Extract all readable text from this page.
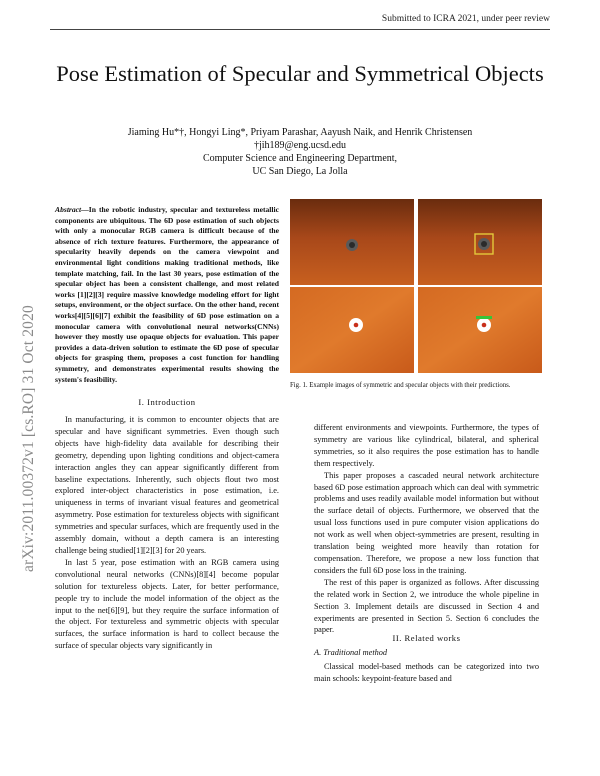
Submitted to ICRA 2021, under peer review
Pose Estimation of Specular and Symmetrical Objects
Jiaming Hu*†, Hongyi Ling*, Priyam Parashar, Aayush Naik, and Henrik Christensen
†jih189@eng.ucsd.edu
Computer Science and Engineering Department,
UC San Diego, La Jolla
arXiv:2011.00372v1 [cs.RO] 31 Oct 2020
Abstract—In the robotic industry, specular and textureless metallic components are ubiquitous. The 6D pose estimation of such objects with only a monocular RGB camera is difficult because of the absence of rich texture features. Furthermore, the appearance of specularity heavily depends on the camera viewpoint and environmental light conditions making traditional methods, like template matching, fail. In the last 30 years, pose estimation of the specular object has been a consistent challenge, and most related works [1][2][3] require massive knowledge modeling effort for light setups, environment, or the object surface. On the other hand, recent works[4][5][6][7] exhibit the feasibility of 6D pose estimation on a monocular camera with convolutional neural networks(CNNs) however they mostly use opaque objects for evaluation. This paper provides a data-driven solution to estimate the 6D pose of specular objects for grasping them, proposes a cost function for handling symmetry, and demonstrates experimental results showing the system's feasibility.
I. Introduction

In manufacturing, it is common to encounter objects that are specular and have significant symmetries. Even though such objects have high-fidelity data available for describing their geometry, depending upon lighting conditions and object-camera interaction angles they can appear significantly different from baseline expectations. Inherently, such objects flout two most explored inter-object characteristics in pose estimation, i.e. uniqueness in terms of invariant visual features and geometrical asymmetry. Pose estimation for textureless objects with significant symmetries and specular surfaces, which are frequently used in the assembly domain, without a depth camera is an interesting challenge being studied[1][2][3] for 20 years.

In last 5 year, pose estimation with an RGB camera using convolutional neural networks (CNNs)[8][4] become popular solution for textureless objects. Later, for better performance, people try to include the model information of the object as the input to the net[6][9], but they require the surface information of the object. For textureless and symmetric objects with specular surfaces, the surface information is hard to collect because the surface of specular objects vary significantly in

Fig. 1. Example images of symmetric and specular objects with their predictions.

different environments and viewpoints. Furthermore, the types of symmetry are various like cylindrical, bilateral, and spherical symmetries, so it also requires the pose estimation has to handle them respectively.

This paper proposes a cascaded neural network architecture based 6D pose estimation approach which can deal with symmetric problems and uses readily available model information but without the surface detail of objects. Furthermore, we observed that the usual loss functions used in pure computer vision applications do not work as well when object-symmetries are present, resulting in translation being weighted more heavily than rotation for compensation. Therefore, we propose a new loss function that considers the full 6D pose loss in the training.

The rest of this paper is organized as follows. After discussing the related work in Section 2, we introduce the whole pipeline in Section 3. Implement details are discussed in Section 4 and experiments are presented in Section 5. Section 6 concludes the paper.

II. Related works
A. Traditional method

Classical model-based methods can be categorized into two main schools: keypoint-feature based and
